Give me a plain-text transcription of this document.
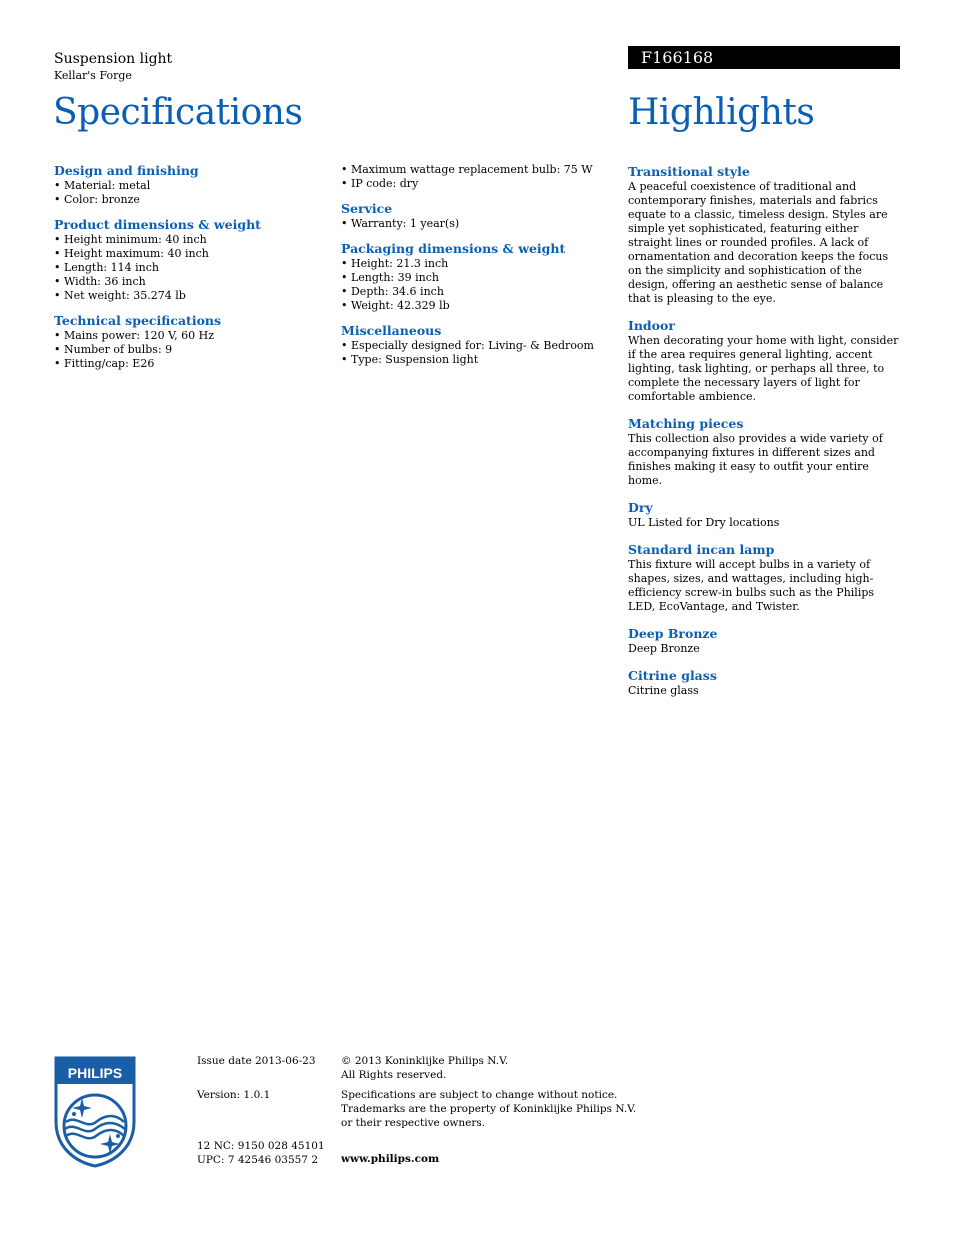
Suspension light
Kellar's Forge
Specifications
F166168
Highlights
Design and finishing
• Material: metal
• Color: bronze
Product dimensions & weight
• Height minimum: 40 inch
• Height maximum: 40 inch
• Length: 114 inch
• Width: 36 inch
• Net weight: 35.274 lb
Technical specifications
• Mains power: 120 V, 60 Hz
• Number of bulbs: 9
• Fitting/cap: E26
• Maximum wattage replacement bulb: 75 W
• IP code: dry
Service
• Warranty: 1 year(s)
Packaging dimensions & weight
• Height: 21.3 inch
• Length: 39 inch
• Depth: 34.6 inch
• Weight: 42.329 lb
Miscellaneous
• Especially designed for: Living- & Bedroom
• Type: Suspension light
Transitional style

A peaceful coexistence of traditional and contemporary finishes, materials and fabrics equate to a classic, timeless design. Styles are simple yet sophisticated, featuring either straight lines or rounded profiles. A lack of ornamentation and decoration keeps the focus on the simplicity and sophistication of the design, offering an aesthetic sense of balance that is pleasing to the eye.

Indoor

When decorating your home with light, consider if the area requires general lighting, accent lighting, task lighting, or perhaps all three, to complete the necessary layers of light for comfortable ambience.

Matching pieces

This collection also provides a wide variety of accompanying fixtures in different sizes and finishes making it easy to outfit your entire home.

Dry

UL Listed for Dry locations

Standard incan lamp

This fixture will accept bulbs in a variety of shapes, sizes, and wattages, including high-efficiency screw-in bulbs such as the Philips LED, EcoVantage, and Twister.

Deep Bronze

Deep Bronze

Citrine glass

Citrine glass

PHILIPS
Issue date 2013-06-23
Version: 1.0.1
12 NC: 9150 028 45101
UPC: 7 42546 03557 2
© 2013 Koninklijke Philips N.V.
All Rights reserved.
Specifications are subject to change without notice.
Trademarks are the property of Koninklijke Philips N.V.
or their respective owners.
www.philips.com
